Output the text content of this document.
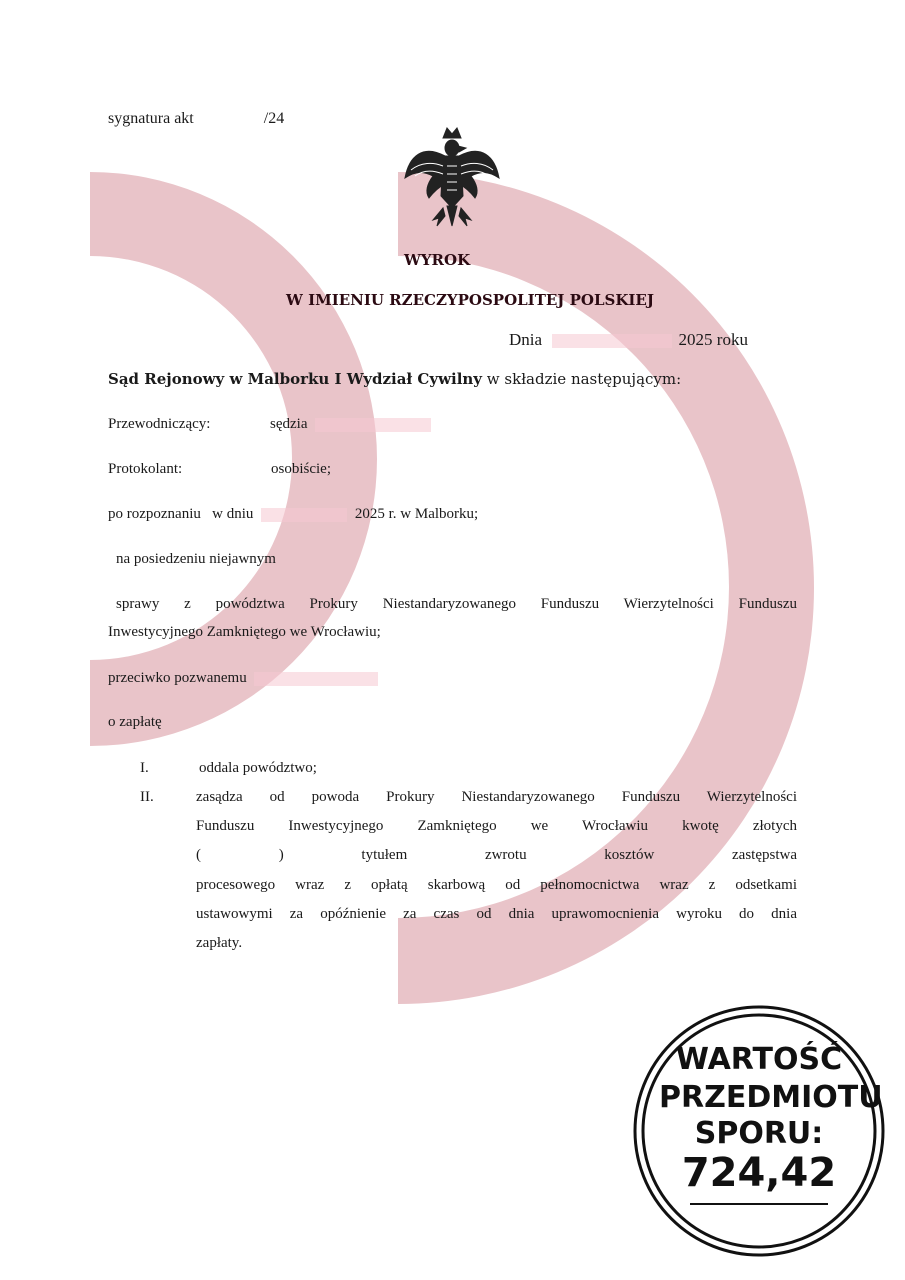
sygnatura akt	/24
WYROK
W IMIENIU RZECZYPOSPOLITEJ POLSKIEJ
Dnia	2025 roku
Sąd Rejonowy w Malborku I Wydział Cywilny w składzie następującym:
Przewodniczący:	sędzia
Protokolant:	osobiście;
po rozpoznaniu   w dniu	2025 r. w Malborku;
na posiedzeniu niejawnym
sprawy z powództwa Prokury Niestandaryzowanego Funduszu Wierzytelności Funduszu
Inwestycyjnego Zamkniętego we Wrocławiu;
przeciwko pozwanemu
o zapłatę
I.	oddala powództwo;
II.	zasądza od powoda Prokury Niestandaryzowanego Funduszu Wierzytelności
Funduszu Inwestycyjnego Zamkniętego we Wrocławiu kwotę złotych
( ) tytułem zwrotu kosztów zastępstwa
procesowego wraz z opłatą skarbową od pełnomocnictwa wraz z odsetkami
ustawowymi za opóźnienie za czas od dnia uprawomocnienia wyroku do dnia
zapłaty.
WARTOŚĆ
PRZEDMIOTU
SPORU:
724,42
